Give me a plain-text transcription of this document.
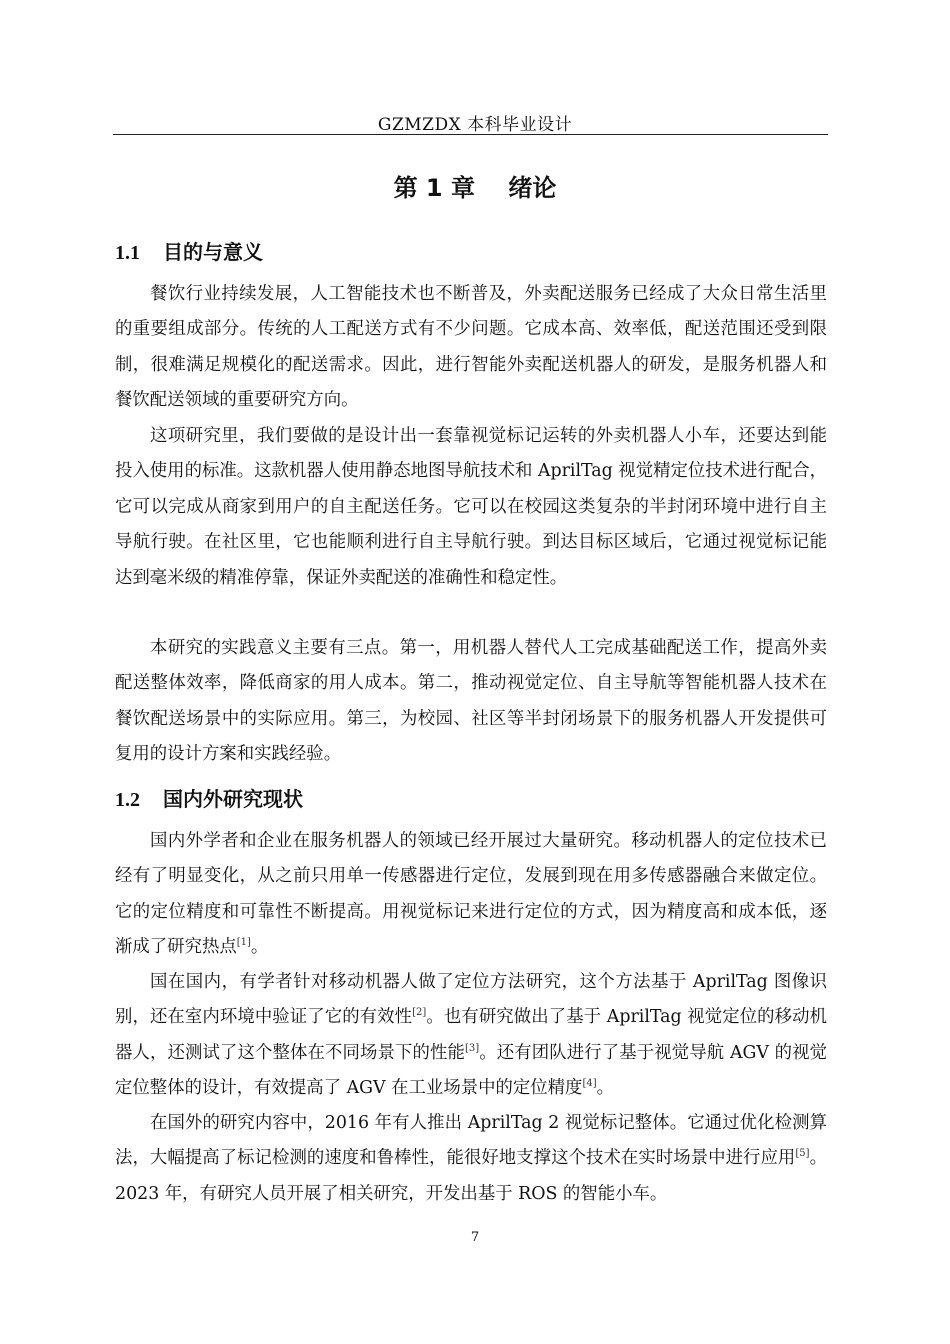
GZMZDX 本科毕业设计
第 1 章    绪论
1.1 目的与意义

餐饮行业持续发展，人工智能技术也不断普及，外卖配送服务已经成了大众日常生活里的重要组成部分。传统的人工配送方式有不少问题。它成本高、效率低，配送范围还受到限制，很难满足规模化的配送需求。因此，进行智能外卖配送机器人的研发，是服务机器人和餐饮配送领域的重要研究方向。

这项研究里，我们要做的是设计出一套靠视觉标记运转的外卖机器人小车，还要达到能投入使用的标准。这款机器人使用静态地图导航技术和 AprilTag 视觉精定位技术进行配合，它可以完成从商家到用户的自主配送任务。它可以在校园这类复杂的半封闭环境中进行自主导航行驶。在社区里，它也能顺利进行自主导航行驶。到达目标区域后，它通过视觉标记能达到毫米级的精准停靠，保证外卖配送的准确性和稳定性。

本研究的实践意义主要有三点。第一，用机器人替代人工完成基础配送工作，提高外卖配送整体效率，降低商家的用人成本。第二，推动视觉定位、自主导航等智能机器人技术在餐饮配送场景中的实际应用。第三，为校园、社区等半封闭场景下的服务机器人开发提供可复用的设计方案和实践经验。

1.2 国内外研究现状

国内外学者和企业在服务机器人的领域已经开展过大量研究。移动机器人的定位技术已经有了明显变化，从之前只用单一传感器进行定位，发展到现在用多传感器融合来做定位。它的定位精度和可靠性不断提高。用视觉标记来进行定位的方式，因为精度高和成本低，逐渐成了研究热点[1]。

国在国内，有学者针对移动机器人做了定位方法研究，这个方法基于 AprilTag 图像识别，还在室内环境中验证了它的有效性[2]。也有研究做出了基于 AprilTag 视觉定位的移动机器人，还测试了这个整体在不同场景下的性能[3]。还有团队进行了基于视觉导航 AGV 的视觉定位整体的设计，有效提高了 AGV 在工业场景中的定位精度[4]。

在国外的研究内容中，2016 年有人推出 AprilTag 2 视觉标记整体。它通过优化检测算法，大幅提高了标记检测的速度和鲁棒性，能很好地支撑这个技术在实时场景中进行应用[5]。2023 年，有研究人员开展了相关研究，开发出基于 ROS 的智能小车。

7
